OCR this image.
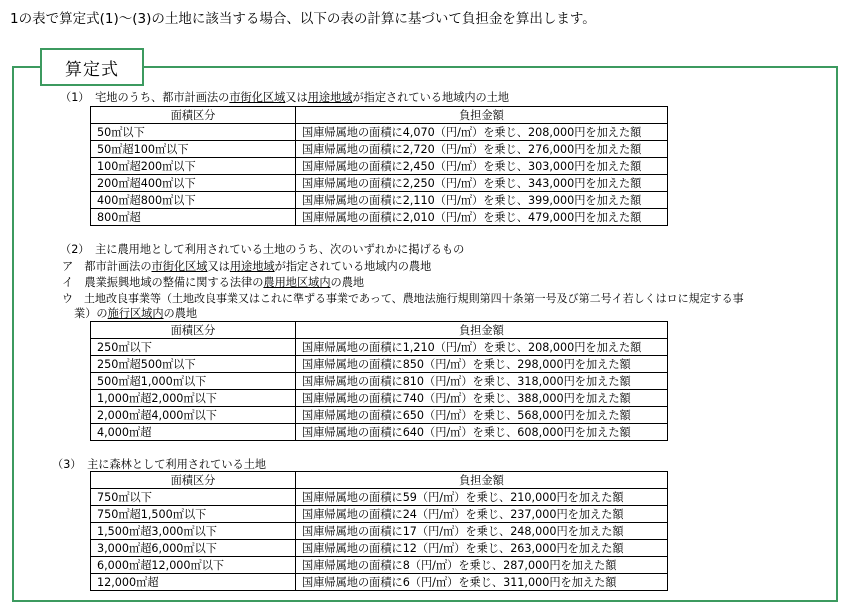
1の表で算定式(1)～(3)の土地に該当する場合、以下の表の計算に基づいて負担金を算出します。
算定式
（1）　宅地のうち、都市計画法の市街化区域又は用途地域が指定されている地域内の土地
面積区分	負担金額
50㎡以下	国庫帰属地の面積に4,070（円/㎡）を乗じ、208,000円を加えた額
50㎡超100㎡以下	国庫帰属地の面積に2,720（円/㎡）を乗じ、276,000円を加えた額
100㎡超200㎡以下	国庫帰属地の面積に2,450（円/㎡）を乗じ、303,000円を加えた額
200㎡超400㎡以下	国庫帰属地の面積に2,250（円/㎡）を乗じ、343,000円を加えた額
400㎡超800㎡以下	国庫帰属地の面積に2,110（円/㎡）を乗じ、399,000円を加えた額
800㎡超	国庫帰属地の面積に2,010（円/㎡）を乗じ、479,000円を加えた額
（2）　主に農用地として利用されている土地のうち、次のいずれかに掲げるもの
ア　都市計画法の市街化区域又は用途地域が指定されている地域内の農地
イ　農業振興地域の整備に関する法律の農用地区域内の農地
ウ　土地改良事業等（土地改良事業又はこれに準ずる事業であって、農地法施行規則第四十条第一号及び第二号イ若しくはロに規定する事
業）の施行区域内の農地
面積区分	負担金額
250㎡以下	国庫帰属地の面積に1,210（円/㎡）を乗じ、208,000円を加えた額
250㎡超500㎡以下	国庫帰属地の面積に850（円/㎡）を乗じ、298,000円を加えた額
500㎡超1,000㎡以下	国庫帰属地の面積に810（円/㎡）を乗じ、318,000円を加えた額
1,000㎡超2,000㎡以下	国庫帰属地の面積に740（円/㎡）を乗じ、388,000円を加えた額
2,000㎡超4,000㎡以下	国庫帰属地の面積に650（円/㎡）を乗じ、568,000円を加えた額
4,000㎡超	国庫帰属地の面積に640（円/㎡）を乗じ、608,000円を加えた額
（3）　主に森林として利用されている土地
面積区分	負担金額
750㎡以下	国庫帰属地の面積に59（円/㎡）を乗じ、210,000円を加えた額
750㎡超1,500㎡以下	国庫帰属地の面積に24（円/㎡）を乗じ、237,000円を加えた額
1,500㎡超3,000㎡以下	国庫帰属地の面積に17（円/㎡）を乗じ、248,000円を加えた額
3,000㎡超6,000㎡以下	国庫帰属地の面積に12（円/㎡）を乗じ、263,000円を加えた額
6,000㎡超12,000㎡以下	国庫帰属地の面積に8（円/㎡）を乗じ、287,000円を加えた額
12,000㎡超	国庫帰属地の面積に6（円/㎡）を乗じ、311,000円を加えた額
